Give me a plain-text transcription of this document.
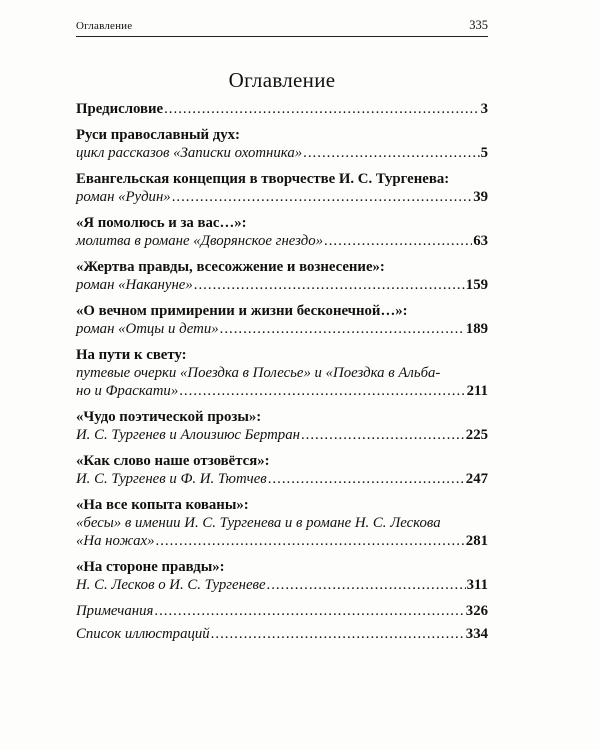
Оглавление	335
Оглавление
Предисловие .....	3
Руси православный дух:
цикл рассказов «Записки охотника» .....	5
Евангельская концепция в творчестве И. С. Тургенева:
роман «Рудин» .....	39
«Я помолюсь и за вас…»:
молитва в романе «Дворянское гнездо» .....	63
«Жертва правды, всесожжение и вознесение»:
роман «Накануне» .....	159
«О вечном примирении и жизни бесконечной…»:
роман «Отцы и дети» .....	189
На пути к свету:
путевые очерки «Поездка в Полесье» и «Поездка в Альба-
но и Фраскати» .....	211
«Чудо поэтической прозы»:
И. С. Тургенев и Алоизиюс Бертран .....	225
«Как слово наше отзовётся»:
И. С. Тургенев и Ф. И. Тютчев .....	247
«На все копыта кованы»:
«бесы» в имении И. С. Тургенева и в романе Н. С. Лескова
«На ножах» .....	281
«На стороне правды»:
Н. С. Лесков о И. С. Тургеневе .....	311
Примечания .....	326
Список иллюстраций .....	334
